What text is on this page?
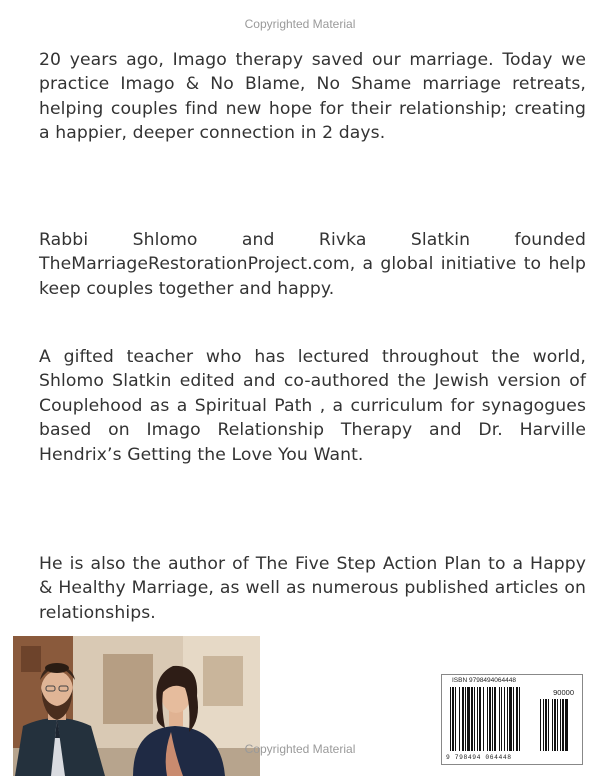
Copyrighted Material

20 years ago, Imago therapy saved our marriage. Today we practice Imago & No Blame, No Shame marriage retreats, helping couples find new hope for their relationship; creating a happier, deeper connection in 2 days.

Rabbi Shlomo and Rivka Slatkin founded TheMarriageRestorationProject.com, a global initiative to help keep couples together and happy.

A gifted teacher who has lectured throughout the world, Shlomo Slatkin edited and co-authored the Jewish version of Couplehood as a Spiritual Path , a curriculum for synagogues based on Imago Relationship Therapy and Dr. Harville Hendrix’s Getting the Love You Want.

He is also the author of The Five Step Action Plan to a Happy & Healthy Marriage, as well as numerous published articles on relationships.

Copyrighted Material
ISBN 9798494064448
90000
9 798494 064448
